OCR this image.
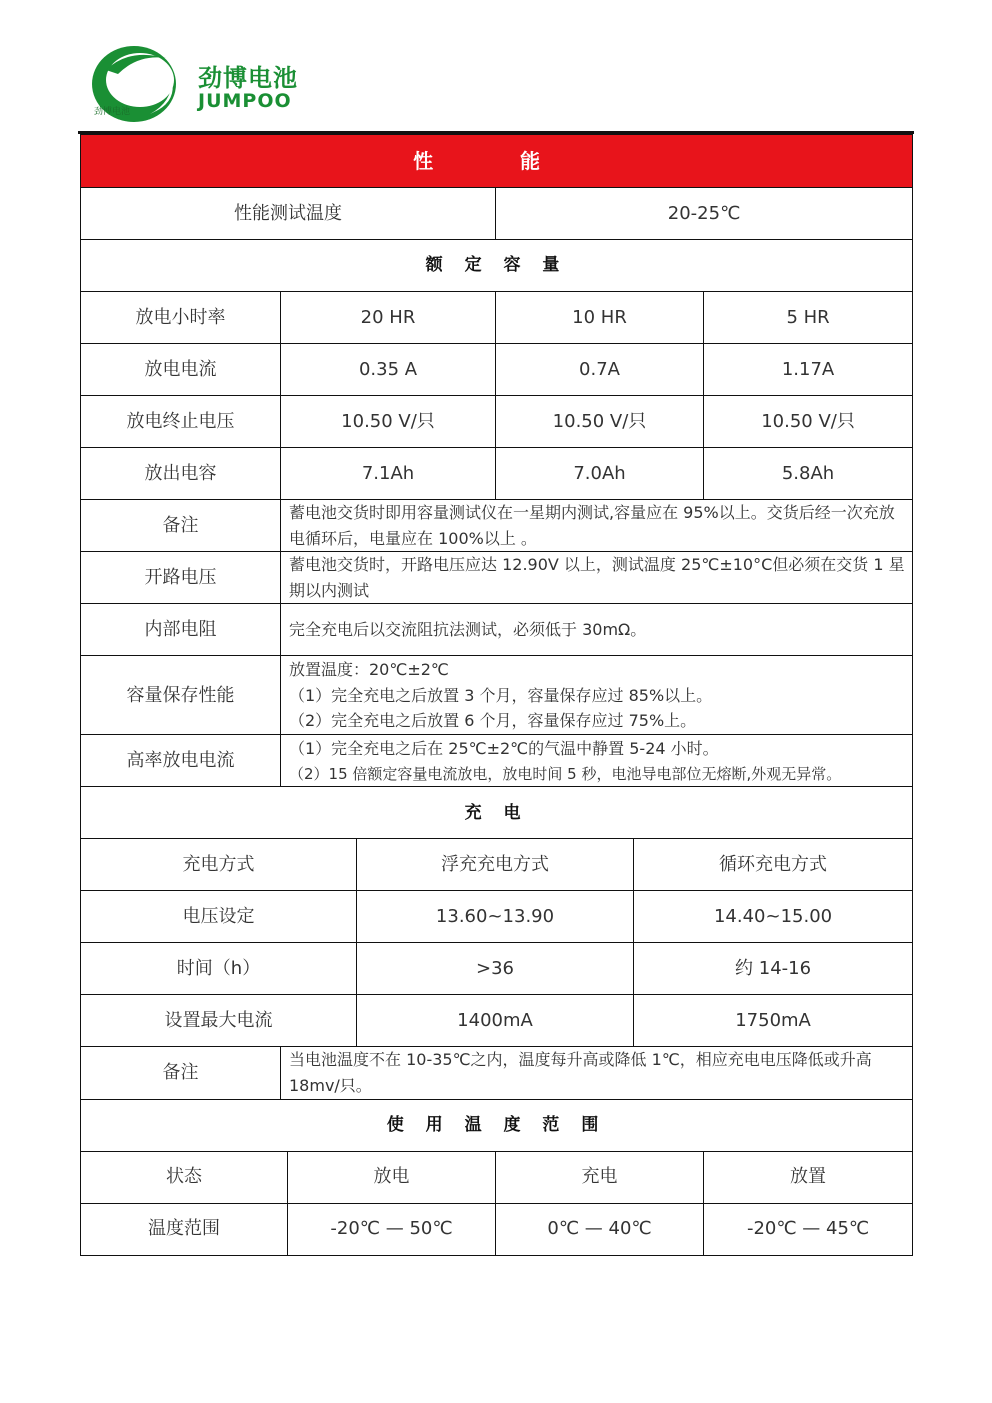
劲博电池
劲博电池
JUMPOO
性 能						
性能测试温度				20-25℃		
额 定 容 量						
放电小时率	20 HR			10 HR		5 HR
放电电流	0.35 A			0.7A		1.17A
放电终止电压	10.50 V/只			10.50 V/只		10.50 V/只
放出电容	7.1Ah			7.0Ah		5.8Ah
备注	蓄电池交货时即用容量测试仪在一星期内测试,容量应在 95%以上。交货后经一次充放电循环后，电量应在 100%以上 。					
开路电压	蓄电池交货时，开路电压应达 12.90V 以上，测试温度 25℃±10°C但必须在交货 1 星期以内测试					
内部电阻	完全充电后以交流阻抗法测试，必须低于 30mΩ。					
容量保存性能	放置温度：20℃±2℃
（1）完全充电之后放置 3 个月，容量保存应过 85%以上。
（2）完全充电之后放置 6 个月，容量保存应过 75%上。					

高率放电电流	（1）完全充电之后在 25℃±2℃的气温中静置 5-24 小时。
（2）15 倍额定容量电流放电，放电时间 5 秒，电池导电部位无熔断,外观无异常。					

充 电						
充电方式			浮充充电方式		循环充电方式	
电压设定			13.60~13.90		14.40~15.00	
时间（h）			>36		约 14-16	
设置最大电流			1400mA		1750mA	
备注	当电池温度不在 10-35℃之内，温度每升高或降低 1℃，相应充电电压降低或升高 18mv/只。					
使 用 温 度 范 围						
状态		放电		充电		放置
温度范围		-20℃ — 50℃		0℃ — 40℃		-20℃ — 45℃
